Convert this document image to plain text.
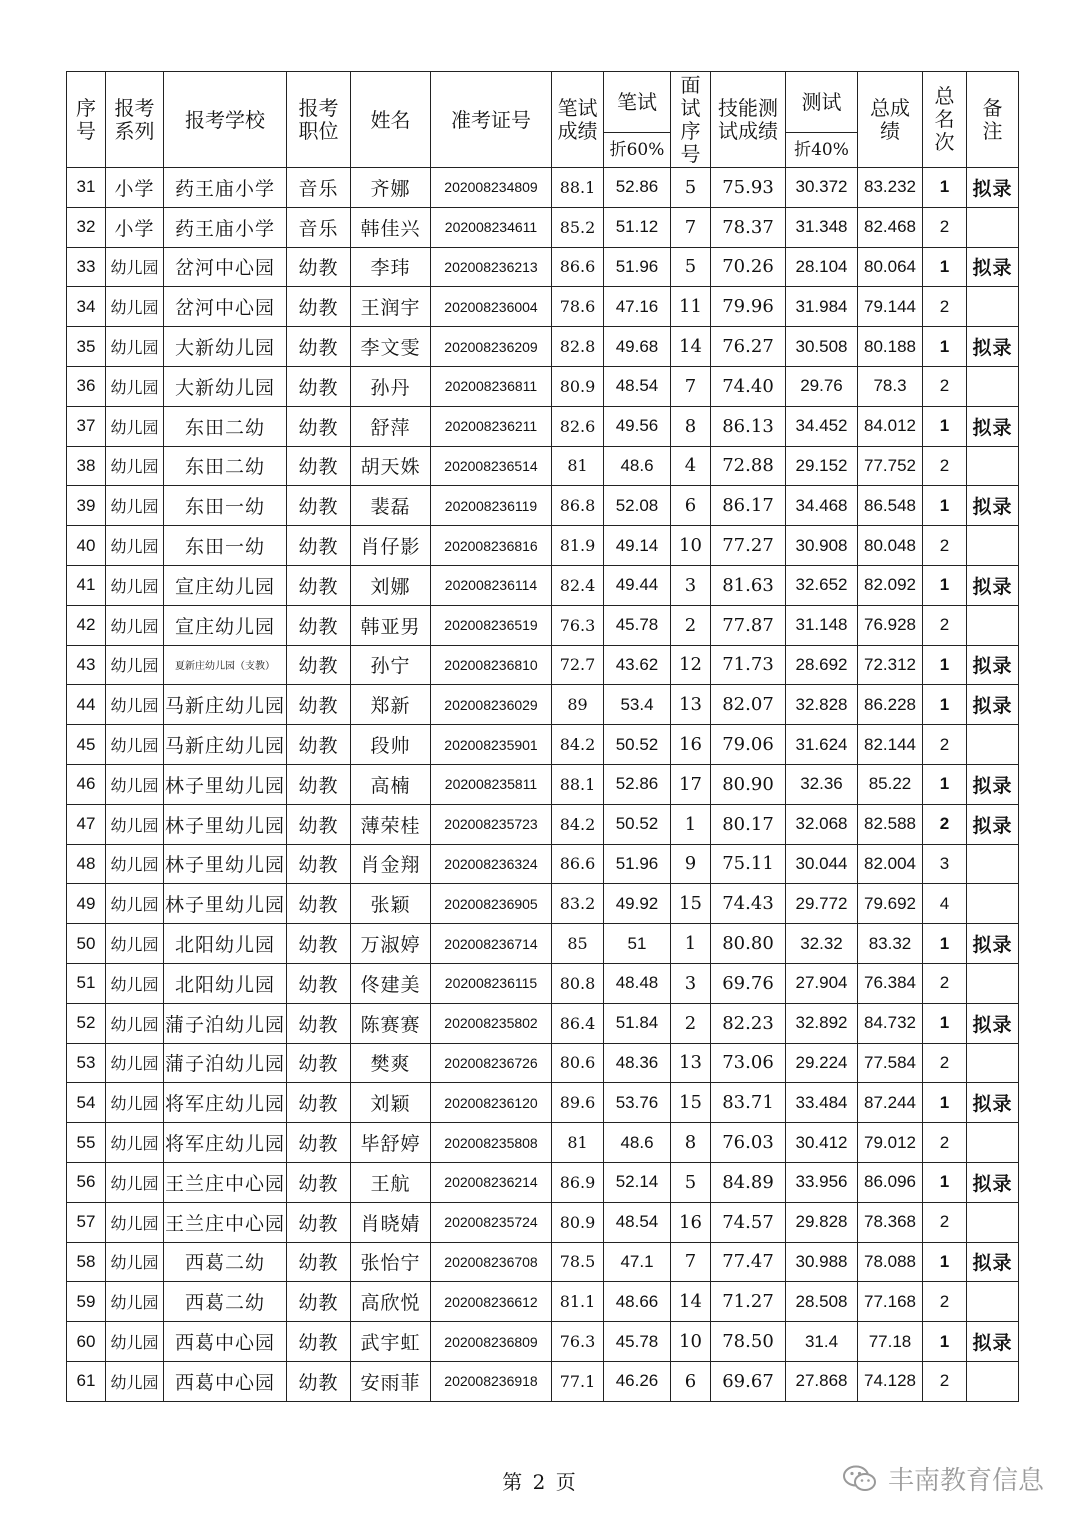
序号	报考系列	报考学校	报考职位	姓名	准考证号	笔试成绩	笔试	面试序号	技能测试成绩	测试	总成绩	总名次	备注
							折60%			折40%			
31	小学	药王庙小学	音乐	齐娜	202008234809	88.1	52.86	5	75.93	30.372	83.232	1	拟录
32	小学	药王庙小学	音乐	韩佳兴	202008234611	85.2	51.12	7	78.37	31.348	82.468	2	
33	幼儿园	岔河中心园	幼教	李玮	202008236213	86.6	51.96	5	70.26	28.104	80.064	1	拟录
34	幼儿园	岔河中心园	幼教	王润宇	202008236004	78.6	47.16	11	79.96	31.984	79.144	2	
35	幼儿园	大新幼儿园	幼教	李文雯	202008236209	82.8	49.68	14	76.27	30.508	80.188	1	拟录
36	幼儿园	大新幼儿园	幼教	孙丹	202008236811	80.9	48.54	7	74.40	29.76	78.3	2	
37	幼儿园	东田二幼	幼教	舒萍	202008236211	82.6	49.56	8	86.13	34.452	84.012	1	拟录
38	幼儿园	东田二幼	幼教	胡天姝	202008236514	81	48.6	4	72.88	29.152	77.752	2	
39	幼儿园	东田一幼	幼教	裴磊	202008236119	86.8	52.08	6	86.17	34.468	86.548	1	拟录
40	幼儿园	东田一幼	幼教	肖仔影	202008236816	81.9	49.14	10	77.27	30.908	80.048	2	
41	幼儿园	宣庄幼儿园	幼教	刘娜	202008236114	82.4	49.44	3	81.63	32.652	82.092	1	拟录
42	幼儿园	宣庄幼儿园	幼教	韩亚男	202008236519	76.3	45.78	2	77.87	31.148	76.928	2	
43	幼儿园	夏新庄幼儿园（支教）	幼教	孙宁	202008236810	72.7	43.62	12	71.73	28.692	72.312	1	拟录
44	幼儿园	马新庄幼儿园	幼教	郑新	202008236029	89	53.4	13	82.07	32.828	86.228	1	拟录
45	幼儿园	马新庄幼儿园	幼教	段帅	202008235901	84.2	50.52	16	79.06	31.624	82.144	2	
46	幼儿园	林子里幼儿园	幼教	高楠	202008235811	88.1	52.86	17	80.90	32.36	85.22	1	拟录
47	幼儿园	林子里幼儿园	幼教	薄荣桂	202008235723	84.2	50.52	1	80.17	32.068	82.588	2	拟录
48	幼儿园	林子里幼儿园	幼教	肖金翔	202008236324	86.6	51.96	9	75.11	30.044	82.004	3	
49	幼儿园	林子里幼儿园	幼教	张颖	202008236905	83.2	49.92	15	74.43	29.772	79.692	4	
50	幼儿园	北阳幼儿园	幼教	万淑婷	202008236714	85	51	1	80.80	32.32	83.32	1	拟录
51	幼儿园	北阳幼儿园	幼教	佟建美	202008236115	80.8	48.48	3	69.76	27.904	76.384	2	
52	幼儿园	蒲子泊幼儿园	幼教	陈赛赛	202008235802	86.4	51.84	2	82.23	32.892	84.732	1	拟录
53	幼儿园	蒲子泊幼儿园	幼教	樊爽	202008236726	80.6	48.36	13	73.06	29.224	77.584	2	
54	幼儿园	将军庄幼儿园	幼教	刘颖	202008236120	89.6	53.76	15	83.71	33.484	87.244	1	拟录
55	幼儿园	将军庄幼儿园	幼教	毕舒婷	202008235808	81	48.6	8	76.03	30.412	79.012	2	
56	幼儿园	王兰庄中心园	幼教	王航	202008236214	86.9	52.14	5	84.89	33.956	86.096	1	拟录
57	幼儿园	王兰庄中心园	幼教	肖晓婧	202008235724	80.9	48.54	16	74.57	29.828	78.368	2	
58	幼儿园	西葛二幼	幼教	张怡宁	202008236708	78.5	47.1	7	77.47	30.988	78.088	1	拟录
59	幼儿园	西葛二幼	幼教	高欣悦	202008236612	81.1	48.66	14	71.27	28.508	77.168	2	
60	幼儿园	西葛中心园	幼教	武宇虹	202008236809	76.3	45.78	10	78.50	31.4	77.18	1	拟录
61	幼儿园	西葛中心园	幼教	安雨菲	202008236918	77.1	46.26	6	69.67	27.868	74.128	2	
第 2 页	丰南教育信息
